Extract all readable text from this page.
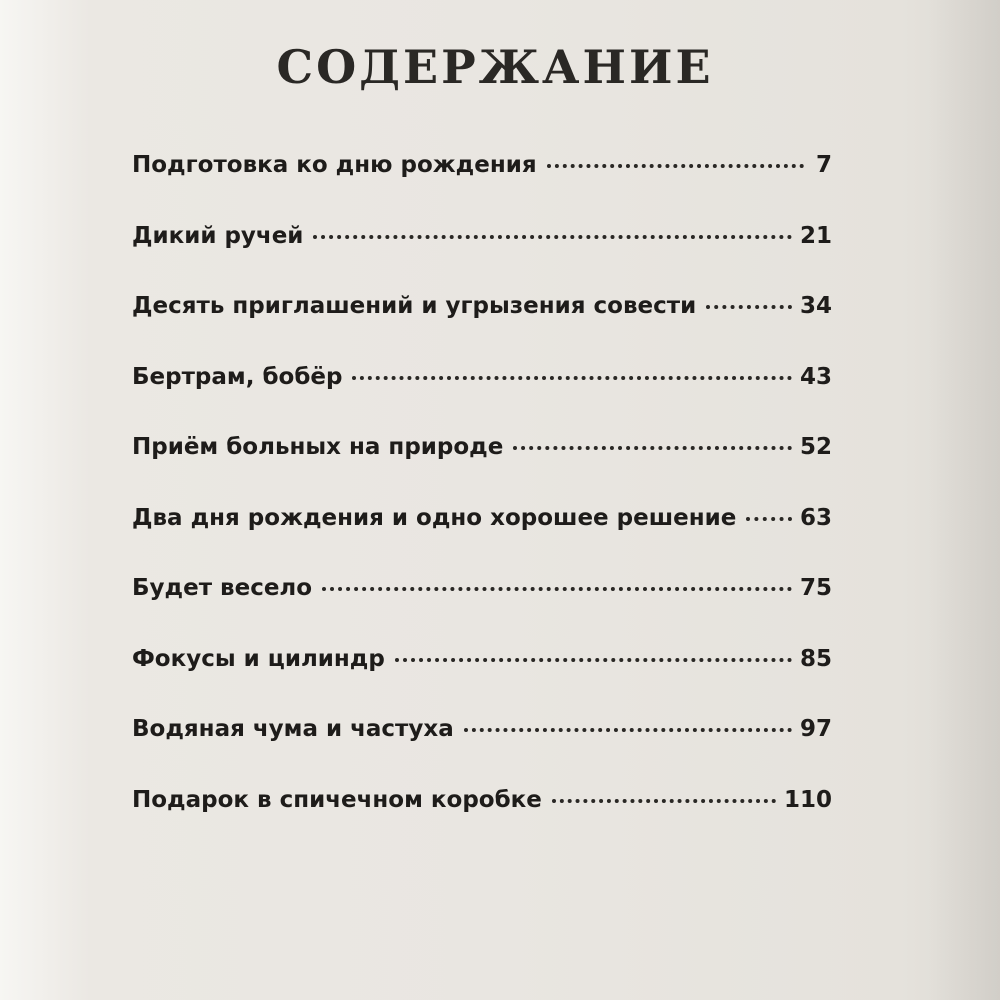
СОДЕРЖАНИЕ
Подготовка ко дню рождения	7
Дикий ручей	21
Десять приглашений и угрызения совести	34
Бертрам, бобёр	43
Приём больных на природе	52
Два дня рождения и одно хорошее решение	63
Будет весело	75
Фокусы и цилиндр	85
Водяная чума и частуха	97
Подарок в спичечном коробке	110
